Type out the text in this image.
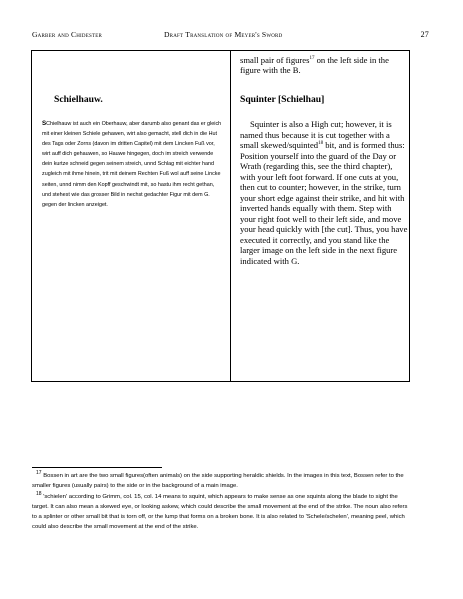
Garber and Chidester	Draft Translation of Meyer's Sword	27
Schielhauw.
SChielhauw ist auch ein Oberhauw, aber darumb also genant das er gleich mit einer kleinen Schiele gehawen, wirt also gemacht, stell dich in die Hut des Tags oder Zorns (davon im dritten Capitel) mit dem Lincken Fuß vor, wirt auff dich gehauwen, so Hauwe hingegen, doch im streich verwende dein kurtze schneid gegen seinem streich, unnd Schlag mit eichter hand zugleich mit ihme hinein, trit mit deinem Rechten Fuß wol auff seine Lincke seiten, unnd nimm den Kopff geschwindt mit, so hastu ihm recht gethan, und stehest wie das grosser Bild in nechst gedachter Figur mit dem G. gegen der lincken anzeiget.
small pair of figures$^{17}$ on the left side in the figure with the B.
Squinter [Schielhau]
Squinter is also a High cut; however, it is named thus because it is cut together with a small skewed/squinted$^{18}$ bit, and is formed thus: Position yourself into the guard of the Day or Wrath (regarding this, see the third chapter), with your left foot forward. If one cuts at you, then cut to counter; however, in the strike, turn your short edge against their strike, and hit with inverted hands equally with them. Step with your right foot well to their left side, and move your head quickly with [the cut]. Thus, you have executed it correctly, and you stand like the larger image on the left side in the next figure indicated with G.

$^{17}$ Bossen in art are the two small figures(often animals) on the side supporting heraldic shields. In the images in this text, Bossen refer to the smaller figures (usually pairs) to the side or in the background of a main image.

$^{18}$ 'schielen' according to Grimm, col. 15, col. 14 means to squint, which appears to make sense as one squints along the blade to sight the target. It can also mean a skewed eye, or looking askew, which could describe the small movement at the end of the strike. The noun also refers to a splinter or other small bit that is torn off, or the lump that forms on a broken bone. It is also related to 'Schele/schelen', meaning peel, which could also describe the small movement at the end of the strike.
